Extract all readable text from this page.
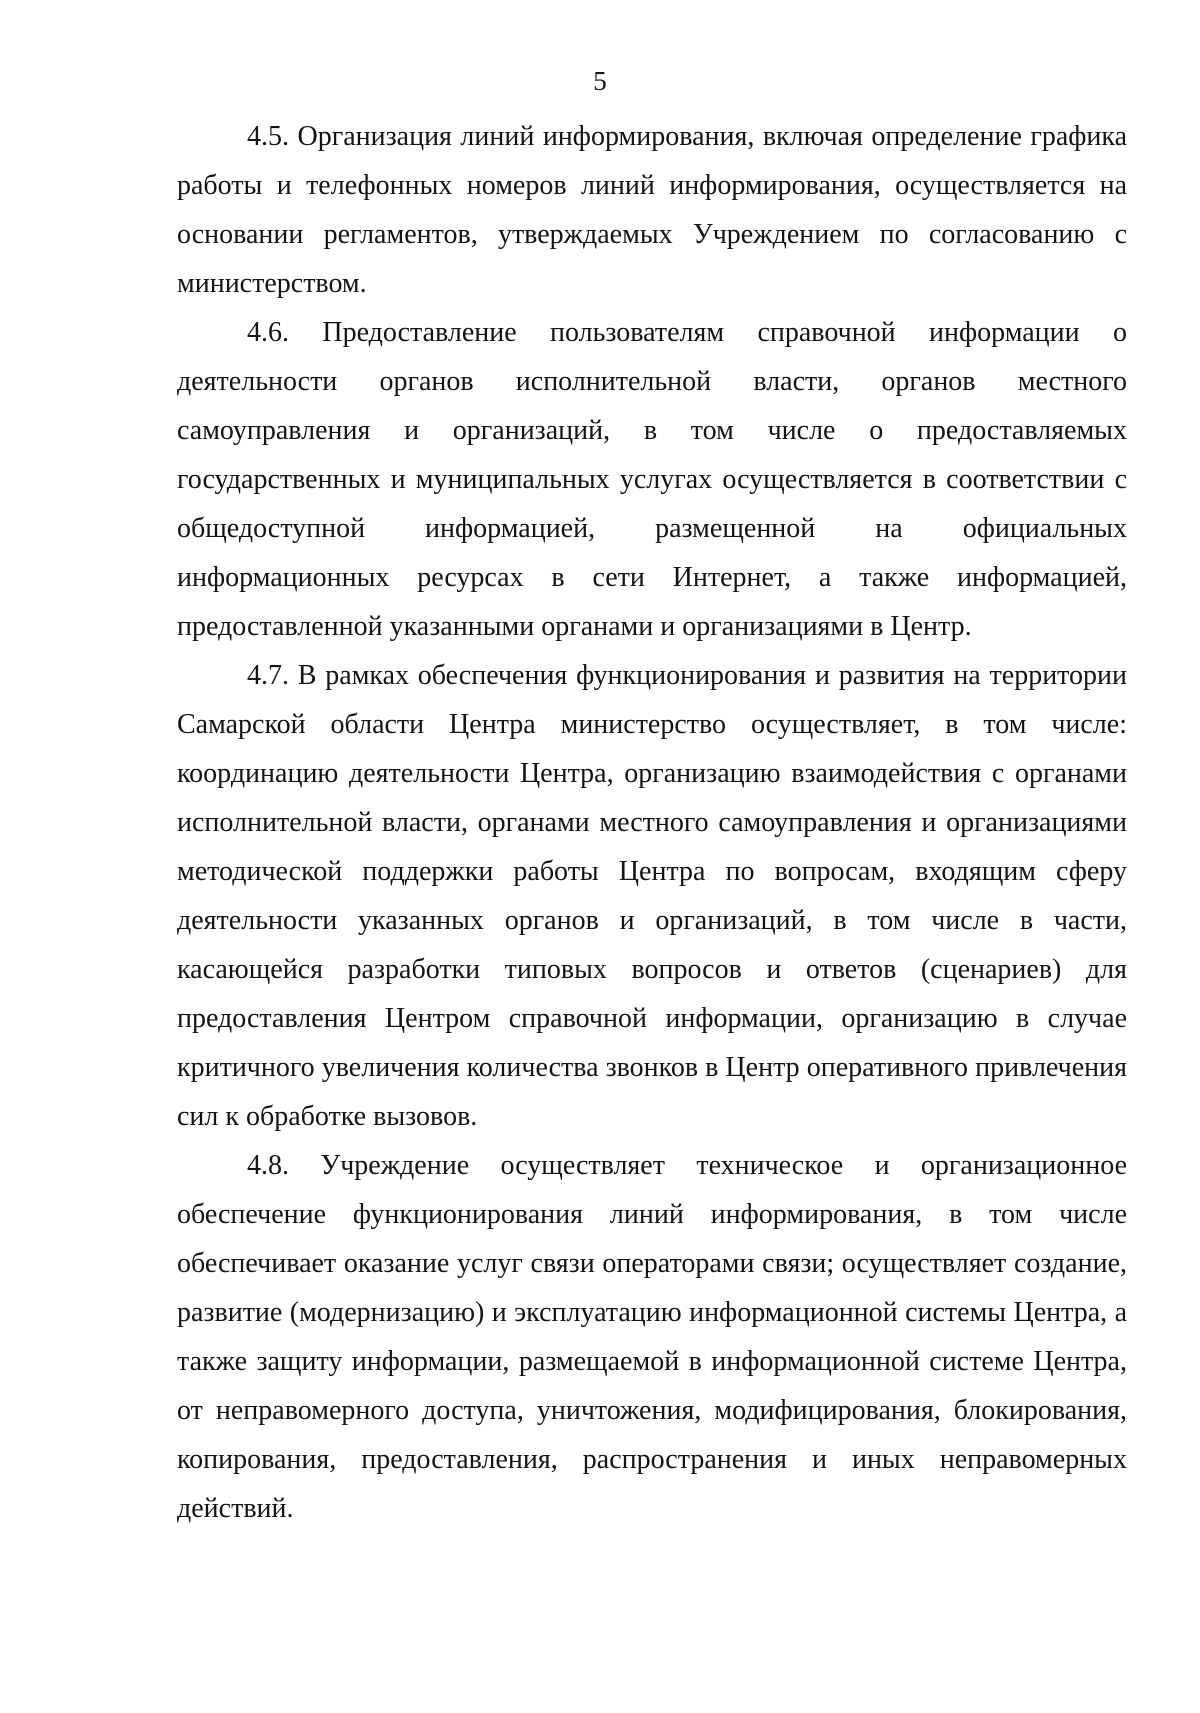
5

4.5. Организация линий информирования, включая определение графика работы и телефонных номеров линий информирования, осуществляется на основании регламентов, утверждаемых Учреждением по согласованию с министерством.

4.6. Предоставление пользователям справочной информации о деятельности органов исполнительной власти, органов местного самоуправления и организаций, в том числе о предоставляемых государственных и муниципальных услугах осуществляется в соответствии с общедоступной информацией, размещенной на официальных информационных ресурсах в сети Интернет, а также информацией, предоставленной указанными органами и организациями в Центр.

4.7. В рамках обеспечения функционирования и развития на территории Самарской области Центра министерство осуществляет, в том числе: координацию деятельности Центра, организацию взаимодействия с органами исполнительной власти, органами местного самоуправления и организациями методической поддержки работы Центра по вопросам, входящим сферу деятельности указанных органов и организаций, в том числе в части, касающейся разработки типовых вопросов и ответов (сценариев) для предоставления Центром справочной информации, организацию в случае критичного увеличения количества звонков в Центр оперативного привлечения сил к обработке вызовов.

4.8. Учреждение осуществляет техническое и организационное обеспечение функционирования линий информирования, в том числе обеспечивает оказание услуг связи операторами связи; осуществляет создание, развитие (модернизацию) и эксплуатацию информационной системы Центра, а также защиту информации, размещаемой в информационной системе Центра, от неправомерного доступа, уничтожения, модифицирования, блокирования, копирования, предоставления, распространения и иных неправомерных действий.
